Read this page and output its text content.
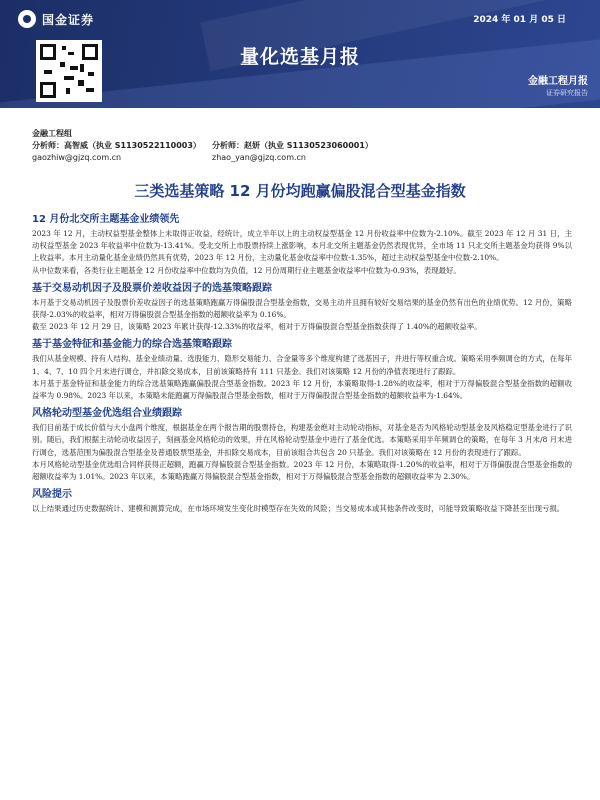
国金证券	2024 年 01 月 05 日
量化选基月报
金融工程月报
证券研究报告
金融工程组
分析师：高智威（执业 S1130522110003）	分析师：赵妍（执业 S1130523060001）
gaozhiw@gjzq.com.cn	zhao_yan@gjzq.com.cn
三类选基策略 12 月份均跑赢偏股混合型基金指数
12 月份北交所主题基金业绩领先

2023 年 12 月，主动权益型基金整体上未取得正收益，经统计，成立半年以上的主动权益型基金 12 月份收益率中位数为-2.10%。截至 2023 年 12 月 31 日，主动权益型基金 2023 年收益率中位数为-13.41%。受北交所上市股票持续上涨影响，本月北交所主题基金仍然表现优异，全市场 11 只北交所主题基金均获得 9%以上收益率。本月主动量化基金业绩仍然具有优势，2023 年 12 月份，主动量化基金收益率中位数-1.35%，超过主动权益型基金中位数-2.10%。

从中位数来看，各类行业主题基金 12 月份收益率中位数均为负值，12 月份周期行业主题基金收益率中位数为-0.93%，表现最好。

基于交易动机因子及股票价差收益因子的选基策略跟踪

本月基于交易动机因子及股票价差收益因子的选基策略跑赢万得偏股混合型基金指数，交易主动并且拥有较好交易结果的基金仍然有出色的业绩优势。12 月份，策略获得-2.03%的收益率，相对万得偏股混合型基金指数的超额收益率为 0.16%。

截至 2023 年 12 月 29 日，该策略 2023 年累计获得-12.33%的收益率，相对于万得偏股混合型基金指数获得了 1.40%的超额收益率。

基于基金特征和基金能力的综合选基策略跟踪

我们从基金规模、持有人结构、基金业绩动量、选股能力、隐形交易能力、合金量等多个维度构建了选基因子，并进行等权重合成。策略采用季频调仓的方式，在每年 1、4、7、10 四个月末进行调仓，并扣除交易成本，目前该策略持有 111 只基金。我们对该策略 12 月份的净值表现进行了跟踪。

本月基于基金特征和基金能力的综合选基策略跑赢偏股混合型基金指数。2023 年 12 月份，本策略取得-1.28%的收益率，相对于万得偏股混合型基金指数的超额收益率为 0.98%。2023 年以来，本策略未能跑赢万得偏股混合型基金指数，相对于万得偏股混合型基金指数的超额收益率为-1.64%。

风格轮动型基金优选组合业绩跟踪

我们目前基于成长价值与大小盘两个维度，根据基金在两个报告期的股票持仓，构建基金绝对主动轮动指标，对基金是否为风格轮动型基金及风格稳定型基金进行了识别。随后，我们根据主动轮动收益因子，刻画基金风格轮动的效果，并在风格轮动型基金中进行了基金优选。本策略采用半年频调仓的策略，在每年 3 月末/8 月末进行调仓，选基范围为偏股混合型基金及普通股票型基金，并扣除交易成本，目前该组合共包含 20 只基金。我们对该策略在 12 月份的表现进行了跟踪。

本月风格轮动型基金优选组合同样获得正超额，跑赢万得偏股混合型基金指数。2023 年 12 月份，本策略取得-1.20%的收益率，相对于万得偏股混合型基金指数的超额收益率为 1.01%。2023 年以来，本策略跑赢万得偏股混合型基金指数，相对于万得偏股混合型基金指数的超额收益率为 2.30%。

风险提示

以上结果通过历史数据统计、建模和测算完成，在市场环境发生变化时模型存在失效的风险；当交易成本或其他条件改变时，可能导致策略收益下降甚至出现亏损。
